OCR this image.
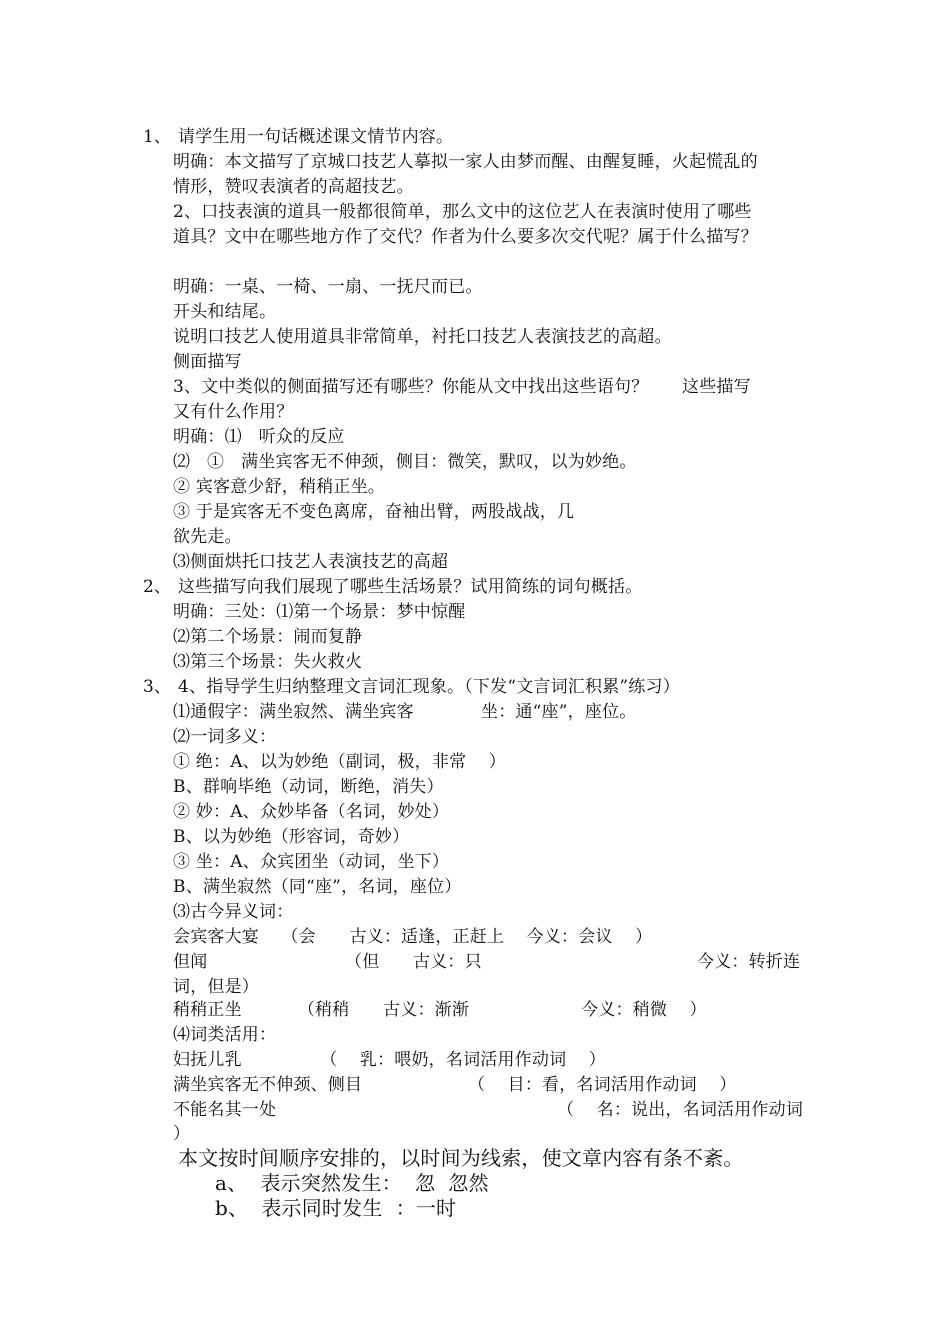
1、 请学生用一句话概述课文情节内容。
明确：本文描写了京城口技艺人摹拟一家人由梦而醒、由醒复睡，火起慌乱的
情形，赞叹表演者的高超技艺。
2、口技表演的道具一般都很简单，那么文中的这位艺人在表演时使用了哪些
道具？文中在哪些地方作了交代？作者为什么要多次交代呢？属于什么描写？
明确：一桌、一椅、一扇、一抚尺而已。
开头和结尾。
说明口技艺人使用道具非常简单，衬托口技艺人表演技艺的高超。
侧面描写
3、文中类似的侧面描写还有哪些？你能从文中找出这些语句？      这些描写
又有什么作用？
明确：⑴   听众的反应
⑵   ①   满坐宾客无不伸颈，侧目：微笑，默叹，以为妙绝。
② 宾客意少舒，稍稍正坐。
③ 于是宾客无不变色离席，奋袖出臂，两股战战，几
欲先走。
⑶侧面烘托口技艺人表演技艺的高超
2、 这些描写向我们展现了哪些生活场景？试用简练的词句概括。
明确：三处：⑴第一个场景：梦中惊醒
⑵第二个场景：闹而复静
⑶第三个场景：失火救火
3、 4、指导学生归纳整理文言词汇现象。（下发“文言词汇积累”练习）
⑴通假字：满坐寂然、满坐宾客            坐：通“座”，座位。
⑵一词多义：
① 绝：A、以为妙绝（副词，极，非常    ）
B、群响毕绝（动词，断绝，消失）
② 妙：A、众妙毕备（名词，妙处）
B、以为妙绝（形容词，奇妙）
③ 坐：A、众宾团坐（动词，坐下）
B、满坐寂然（同“座”，名词，座位）
⑶古今异义词：
会宾客大宴    （会      古义：适逢，正赶上    今义：会议    ）
但闻	（但      古义：只	今义：转折连
词，但是）
稍稍正坐          （稍稍      古义：渐渐                    今义：稍微    ）
⑷词类活用：
妇抚儿乳              （    乳：喂奶，名词活用作动词    ）
满坐宾客无不伸颈、侧目	（    目：看，名词活用作动词    ）
不能名其一处	（    名：说出，名词活用作动词
）
本文按时间顺序安排的，以时间为线索，使文章内容有条不紊。
a、  表示突然发生：  忽  忽然
b、  表示同时发生  ：一时
